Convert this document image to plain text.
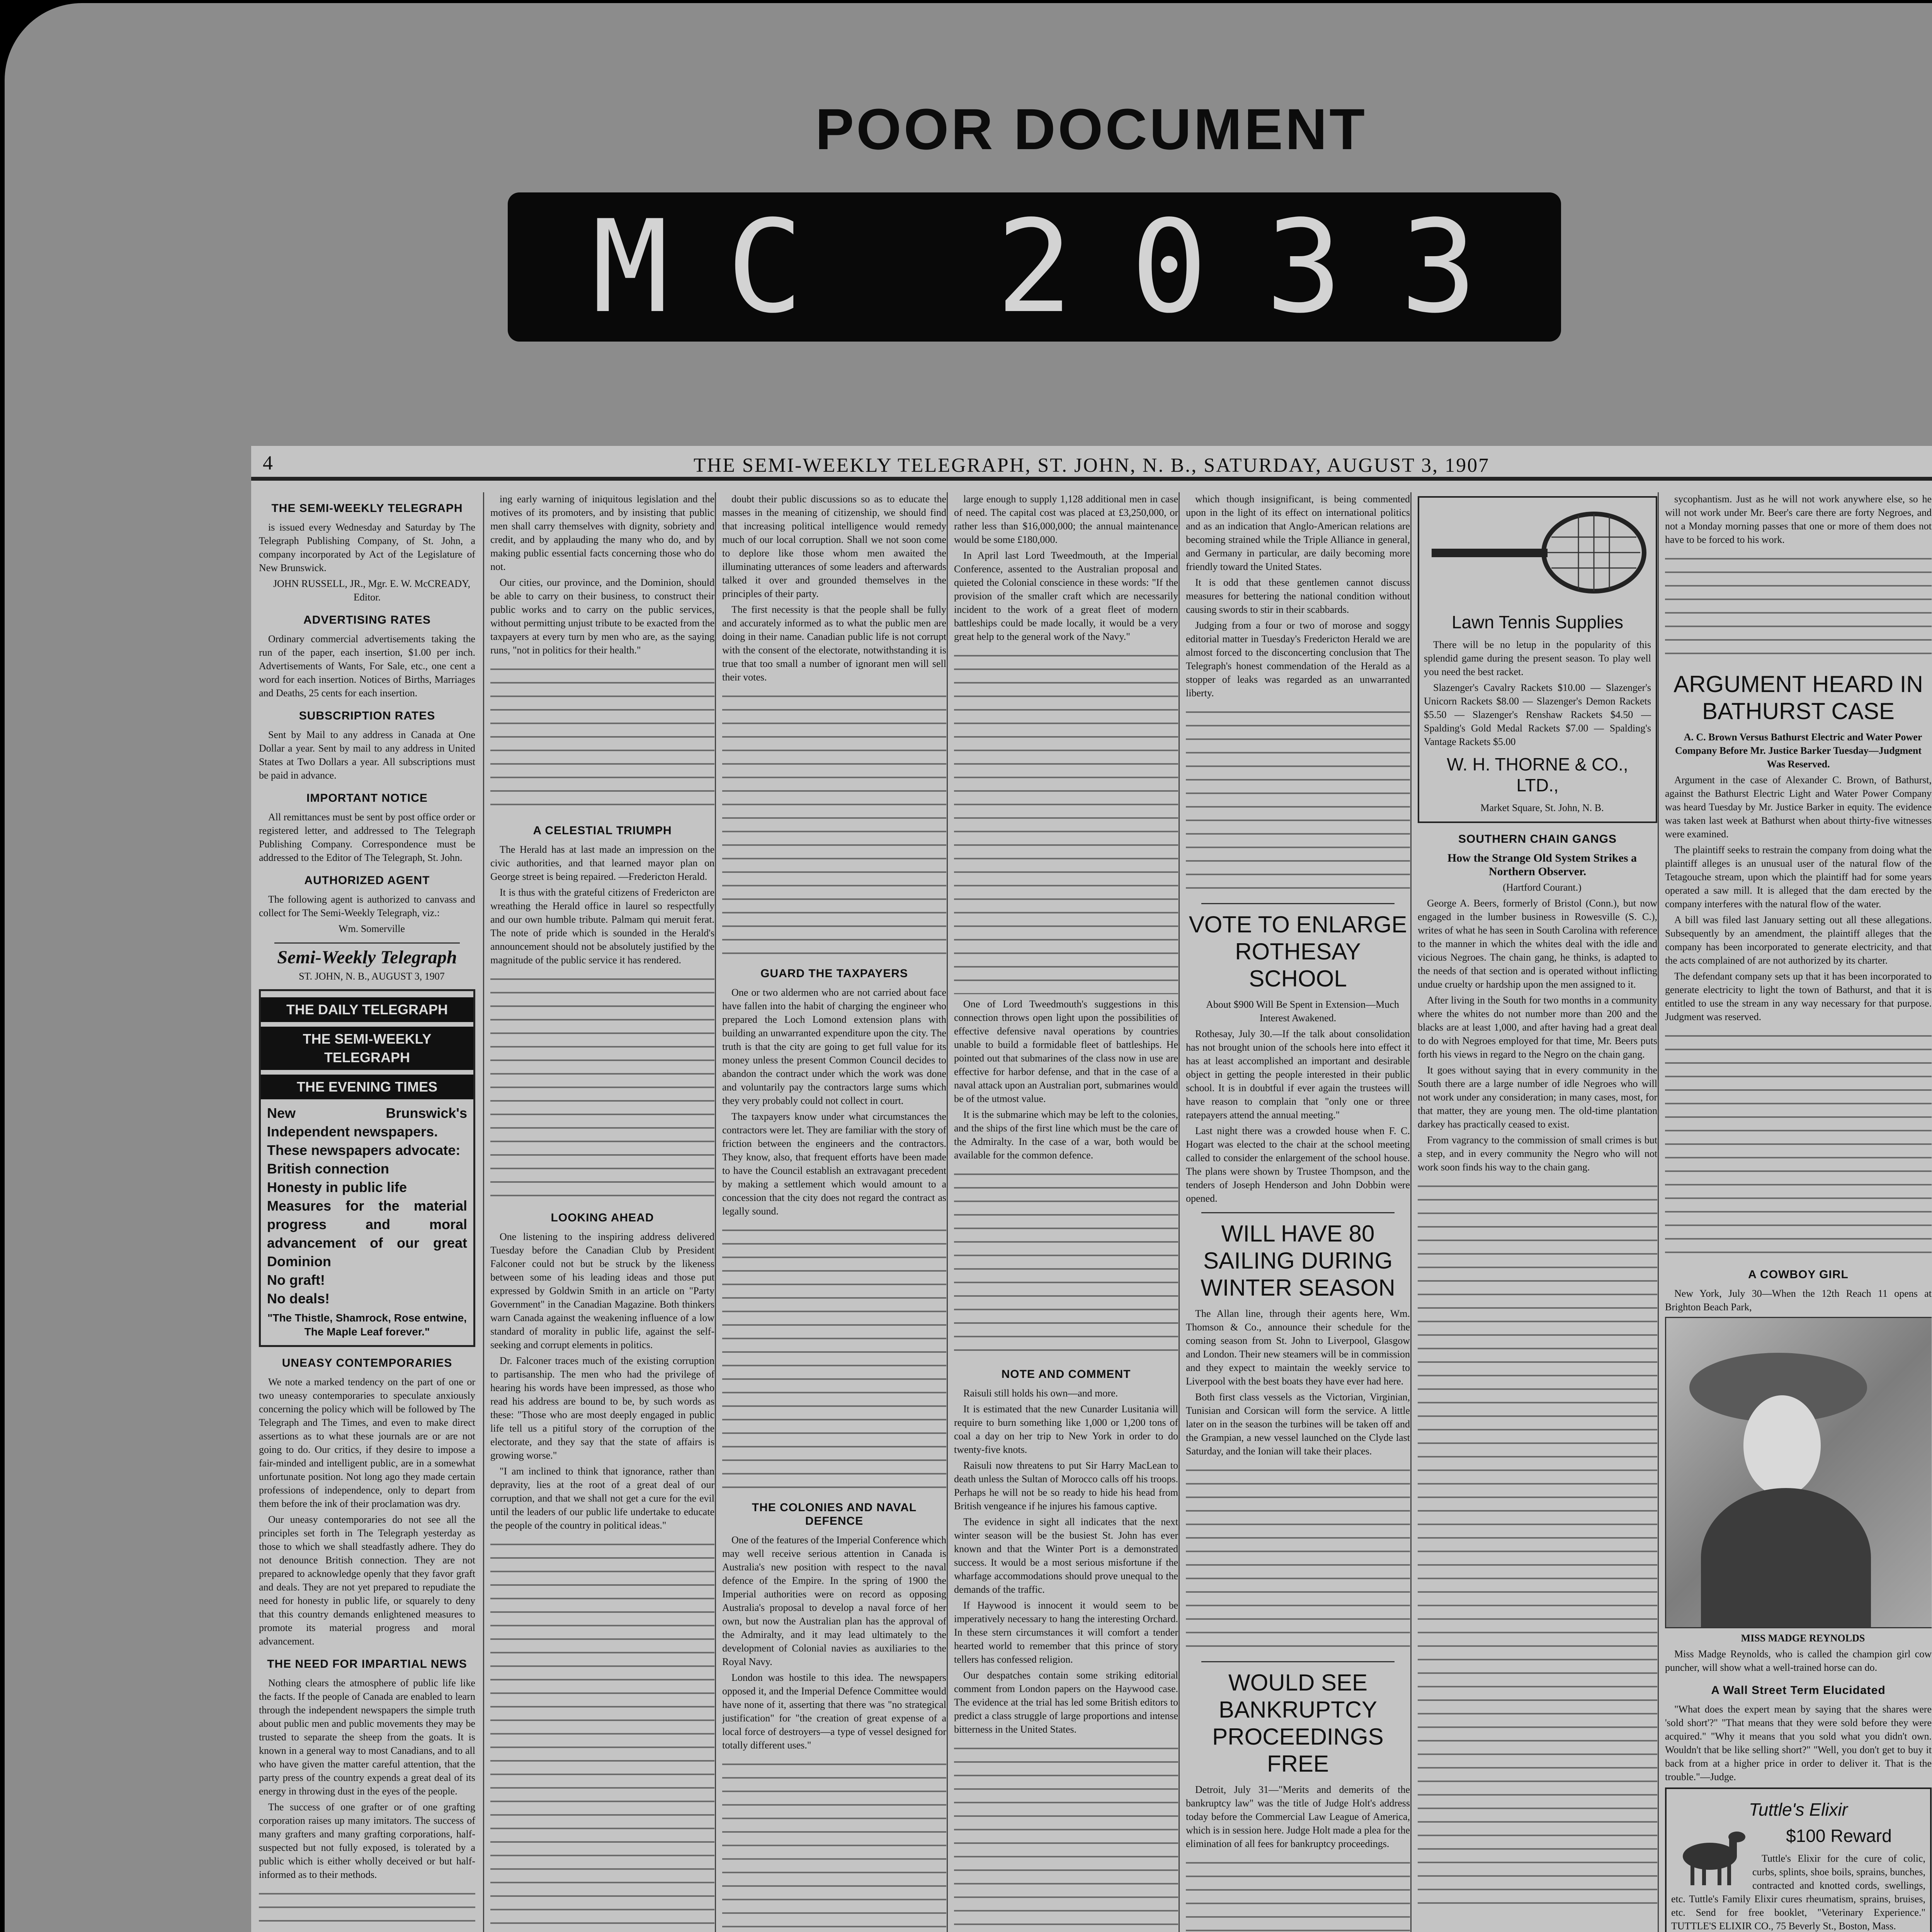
POOR DOCUMENT
MC 2033
4	THE SEMI-WEEKLY TELEGRAPH, ST. JOHN, N. B., SATURDAY, AUGUST 3, 1907
THE SEMI-WEEKLY TELEGRAPH

is issued every Wednesday and Saturday by The Telegraph Publishing Company, of St. John, a company incorporated by Act of the Legislature of New Brunswick.

JOHN RUSSELL, JR., Mgr. E. W. McCREADY, Editor.

ADVERTISING RATES

Ordinary commercial advertisements taking the run of the paper, each insertion, $1.00 per inch. Advertisements of Wants, For Sale, etc., one cent a word for each insertion. Notices of Births, Marriages and Deaths, 25 cents for each insertion.

SUBSCRIPTION RATES

Sent by Mail to any address in Canada at One Dollar a year. Sent by mail to any address in United States at Two Dollars a year. All subscriptions must be paid in advance.

IMPORTANT NOTICE

All remittances must be sent by post office order or registered letter, and addressed to The Telegraph Publishing Company. Correspondence must be addressed to the Editor of The Telegraph, St. John.

AUTHORIZED AGENT

The following agent is authorized to canvass and collect for The Semi-Weekly Telegraph, viz.:

Wm. Somerville

Semi-Weekly Telegraph

ST. JOHN, N. B., AUGUST 3, 1907

THE DAILY TELEGRAPH
THE SEMI-WEEKLY TELEGRAPH
THE EVENING TIMES
New Brunswick's Independent newspapers.
These newspapers advocate:
British connection
Honesty in public life
Measures for the material progress and moral advancement of our great Dominion
No graft!
No deals!
"The Thistle, Shamrock, Rose entwine, The Maple Leaf forever."
UNEASY CONTEMPORARIES

We note a marked tendency on the part of one or two uneasy contemporaries to speculate anxiously concerning the policy which will be followed by The Telegraph and The Times, and even to make direct assertions as to what these journals are or are not going to do. Our critics, if they desire to impose a fair-minded and intelligent public, are in a somewhat unfortunate position. Not long ago they made certain professions of independence, only to depart from them before the ink of their proclamation was dry.

Our uneasy contemporaries do not see all the principles set forth in The Telegraph yesterday as those to which we shall steadfastly adhere. They do not denounce British connection. They are not prepared to acknowledge openly that they favor graft and deals. They are not yet prepared to repudiate the need for honesty in public life, or squarely to deny that this country demands enlightened measures to promote its material progress and moral advancement.

THE NEED FOR IMPARTIAL NEWS

Nothing clears the atmosphere of public life like the facts. If the people of Canada are enabled to learn through the independent newspapers the simple truth about public men and public movements they may be trusted to separate the sheep from the goats. It is known in a general way to most Canadians, and to all who have given the matter careful attention, that the party press of the country expends a great deal of its energy in throwing dust in the eyes of the people.

The success of one grafter or of one grafting corporation raises up many imitators. The success of many grafters and many grafting corporations, half-suspected but not fully exposed, is tolerated by a public which is either wholly deceived or but half-informed as to their methods.

ing early warning of iniquitous legislation and the motives of its promoters, and by insisting that public men shall carry themselves with dignity, sobriety and credit, and by applauding the many who do, and by making public essential facts concerning those who do not.

Our cities, our province, and the Dominion, should be able to carry on their business, to construct their public works and to carry on the public services, without permitting unjust tribute to be exacted from the taxpayers at every turn by men who are, as the saying runs, "not in politics for their health."

A CELESTIAL TRIUMPH

The Herald has at last made an impression on the civic authorities, and that learned mayor plan on George street is being repaired. —Fredericton Herald.

It is thus with the grateful citizens of Fredericton are wreathing the Herald office in laurel so respectfully and our own humble tribute. Palmam qui meruit ferat. The note of pride which is sounded in the Herald's announcement should not be absolutely justified by the magnitude of the public service it has rendered.

LOOKING AHEAD

One listening to the inspiring address delivered Tuesday before the Canadian Club by President Falconer could not but be struck by the likeness between some of his leading ideas and those put expressed by Goldwin Smith in an article on "Party Government" in the Canadian Magazine. Both thinkers warn Canada against the weakening influence of a low standard of morality in public life, against the self-seeking and corrupt elements in politics.

Dr. Falconer traces much of the existing corruption to partisanship. The men who had the privilege of hearing his words have been impressed, as those who read his address are bound to be, by such words as these: "Those who are most deeply engaged in public life tell us a pitiful story of the corruption of the electorate, and they say that the state of affairs is growing worse."

"I am inclined to think that ignorance, rather than depravity, lies at the root of a great deal of our corruption, and that we shall not get a cure for the evil until the leaders of our public life undertake to educate the people of the country in political ideas."

doubt their public discussions so as to educate the masses in the meaning of citizenship, we should find that increasing political intelligence would remedy much of our local corruption. Shall we not soon come to deplore like those whom men awaited the illuminating utterances of some leaders and afterwards talked it over and grounded themselves in the principles of their party.

The first necessity is that the people shall be fully and accurately informed as to what the public men are doing in their name. Canadian public life is not corrupt with the consent of the electorate, notwithstanding it is true that too small a number of ignorant men will sell their votes.

GUARD THE TAXPAYERS

One or two aldermen who are not carried about face have fallen into the habit of charging the engineer who prepared the Loch Lomond extension plans with building an unwarranted expenditure upon the city. The truth is that the city are going to get full value for its money unless the present Common Council decides to abandon the contract under which the work was done and voluntarily pay the contractors large sums which they very probably could not collect in court.

The taxpayers know under what circumstances the contractors were let. They are familiar with the story of friction between the engineers and the contractors. They know, also, that frequent efforts have been made to have the Council establish an extravagant precedent by making a settlement which would amount to a concession that the city does not regard the contract as legally sound.

THE COLONIES AND NAVAL DEFENCE

One of the features of the Imperial Conference which may well receive serious attention in Canada is Australia's new position with respect to the naval defence of the Empire. In the spring of 1900 the Imperial authorities were on record as opposing Australia's proposal to develop a naval force of her own, but now the Australian plan has the approval of the Admiralty, and it may lead ultimately to the development of Colonial navies as auxiliaries to the Royal Navy.

London was hostile to this idea. The newspapers opposed it, and the Imperial Defence Committee would have none of it, asserting that there was "no strategical justification" for "the creation of great expense of a local force of destroyers—a type of vessel designed for totally different uses."

large enough to supply 1,128 additional men in case of need. The capital cost was placed at £3,250,000, or rather less than $16,000,000; the annual maintenance would be some £180,000.

In April last Lord Tweedmouth, at the Imperial Conference, assented to the Australian proposal and quieted the Colonial conscience in these words: "If the provision of the smaller craft which are necessarily incident to the work of a great fleet of modern battleships could be made locally, it would be a very great help to the general work of the Navy."

One of Lord Tweedmouth's suggestions in this connection throws open light upon the possibilities of effective defensive naval operations by countries unable to build a formidable fleet of battleships. He pointed out that submarines of the class now in use are effective for harbor defense, and that in the case of a naval attack upon an Australian port, submarines would be of the utmost value.

It is the submarine which may be left to the colonies, and the ships of the first line which must be the care of the Admiralty. In the case of a war, both would be available for the common defence.

NOTE AND COMMENT

Raisuli still holds his own—and more.

It is estimated that the new Cunarder Lusitania will require to burn something like 1,000 or 1,200 tons of coal a day on her trip to New York in order to do twenty-five knots.

Raisuli now threatens to put Sir Harry MacLean to death unless the Sultan of Morocco calls off his troops. Perhaps he will not be so ready to hide his head from British vengeance if he injures his famous captive.

The evidence in sight all indicates that the next winter season will be the busiest St. John has ever known and that the Winter Port is a demonstrated success. It would be a most serious misfortune if the wharfage accommodations should prove unequal to the demands of the traffic.

If Haywood is innocent it would seem to be imperatively necessary to hang the interesting Orchard. In these stern circumstances it will comfort a tender hearted world to remember that this prince of story tellers has confessed religion.

Our despatches contain some striking editorial comment from London papers on the Haywood case. The evidence at the trial has led some British editors to predict a class struggle of large proportions and intense bitterness in the United States.

which though insignificant, is being commented upon in the light of its effect on international politics and as an indication that Anglo-American relations are becoming strained while the Triple Alliance in general, and Germany in particular, are daily becoming more friendly toward the United States.

It is odd that these gentlemen cannot discuss measures for bettering the national condition without causing swords to stir in their scabbards.

Judging from a four or two of morose and soggy editorial matter in Tuesday's Fredericton Herald we are almost forced to the disconcerting conclusion that The Telegraph's honest commendation of the Herald as a stopper of leaks was regarded as an unwarranted liberty.

VOTE TO ENLARGE ROTHESAY SCHOOL

About $900 Will Be Spent in Extension—Much Interest Awakened.

Rothesay, July 30.—If the talk about consolidation has not brought union of the schools here into effect it has at least accomplished an important and desirable object in getting the people interested in their public school. It is in doubtful if ever again the trustees will have reason to complain that "only one or three ratepayers attend the annual meeting."

Last night there was a crowded house when F. C. Hogart was elected to the chair at the school meeting called to consider the enlargement of the school house. The plans were shown by Trustee Thompson, and the tenders of Joseph Henderson and John Dobbin were opened.

WILL HAVE 80 SAILING DURING WINTER SEASON

The Allan line, through their agents here, Wm. Thomson & Co., announce their schedule for the coming season from St. John to Liverpool, Glasgow and London. Their new steamers will be in commission and they expect to maintain the weekly service to Liverpool with the best boats they have ever had here.

Both first class vessels as the Victorian, Virginian, Tunisian and Corsican will form the service. A little later on in the season the turbines will be taken off and the Grampian, a new vessel launched on the Clyde last Saturday, and the Ionian will take their places.

WOULD SEE BANKRUPTCY PROCEEDINGS FREE

Detroit, July 31—"Merits and demerits of the bankruptcy law" was the title of Judge Holt's address today before the Commercial Law League of America, which is in session here. Judge Holt made a plea for the elimination of all fees for bankruptcy proceedings.

Lawn Tennis Supplies

There will be no letup in the popularity of this splendid game during the present season. To play well you need the best racket.

Slazenger's Cavalry Rackets $10.00 — Slazenger's Unicorn Rackets $8.00 — Slazenger's Demon Rackets $5.50 — Slazenger's Renshaw Rackets $4.50 — Spalding's Gold Medal Rackets $7.00 — Spalding's Vantage Rackets $5.00

W. H. THORNE & CO., LTD.,

Market Square, St. John, N. B.

SOUTHERN CHAIN GANGS

How the Strange Old System Strikes a Northern Observer.

(Hartford Courant.)

George A. Beers, formerly of Bristol (Conn.), but now engaged in the lumber business in Rowesville (S. C.), writes of what he has seen in South Carolina with reference to the manner in which the whites deal with the idle and vicious Negroes. The chain gang, he thinks, is adapted to the needs of that section and is operated without inflicting undue cruelty or hardship upon the men assigned to it.

After living in the South for two months in a community where the whites do not number more than 200 and the blacks are at least 1,000, and after having had a great deal to do with Negroes employed for that time, Mr. Beers puts forth his views in regard to the Negro on the chain gang.

It goes without saying that in every community in the South there are a large number of idle Negroes who will not work under any consideration; in many cases, most, for that matter, they are young men. The old-time plantation darkey has practically ceased to exist.

From vagrancy to the commission of small crimes is but a step, and in every community the Negro who will not work soon finds his way to the chain gang.

sycophantism. Just as he will not work anywhere else, so he will not work under Mr. Beer's care there are forty Negroes, and not a Monday morning passes that one or more of them does not have to be forced to his work.

ARGUMENT HEARD IN BATHURST CASE

A. C. Brown Versus Bathurst Electric and Water Power Company Before Mr. Justice Barker Tuesday—Judgment Was Reserved.

Argument in the case of Alexander C. Brown, of Bathurst, against the Bathurst Electric Light and Water Power Company was heard Tuesday by Mr. Justice Barker in equity. The evidence was taken last week at Bathurst when about thirty-five witnesses were examined.

The plaintiff seeks to restrain the company from doing what the plaintiff alleges is an unusual user of the natural flow of the Tetagouche stream, upon which the plaintiff had for some years operated a saw mill. It is alleged that the dam erected by the company interferes with the natural flow of the water.

A bill was filed last January setting out all these allegations. Subsequently by an amendment, the plaintiff alleges that the company has been incorporated to generate electricity, and that the acts complained of are not authorized by its charter.

The defendant company sets up that it has been incorporated to generate electricity to light the town of Bathurst, and that it is entitled to use the stream in any way necessary for that purpose. Judgment was reserved.

A COWBOY GIRL

New York, July 30—When the 12th Reach 11 opens at Brighton Beach Park,

MISS MADGE REYNOLDS

Miss Madge Reynolds, who is called the champion girl cow puncher, will show what a well-trained horse can do.

A Wall Street Term Elucidated

"What does the expert mean by saying that the shares were 'sold short'?" "That means that they were sold before they were acquired." "Why it means that you sold what you didn't own. Wouldn't that be like selling short?" "Well, you don't get to buy it back from at a higher price in order to deliver it. That is the trouble."—Judge.

Tuttle's Elixir
$100 Reward

Tuttle's Elixir for the cure of colic, curbs, splints, shoe boils, sprains, bunches, contracted and knotted cords, swellings, etc. Tuttle's Family Elixir cures rheumatism, sprains, bruises, etc. Send for free booklet, "Veterinary Experience." TUTTLE'S ELIXIR CO., 75 Beverly St., Boston, Mass.
